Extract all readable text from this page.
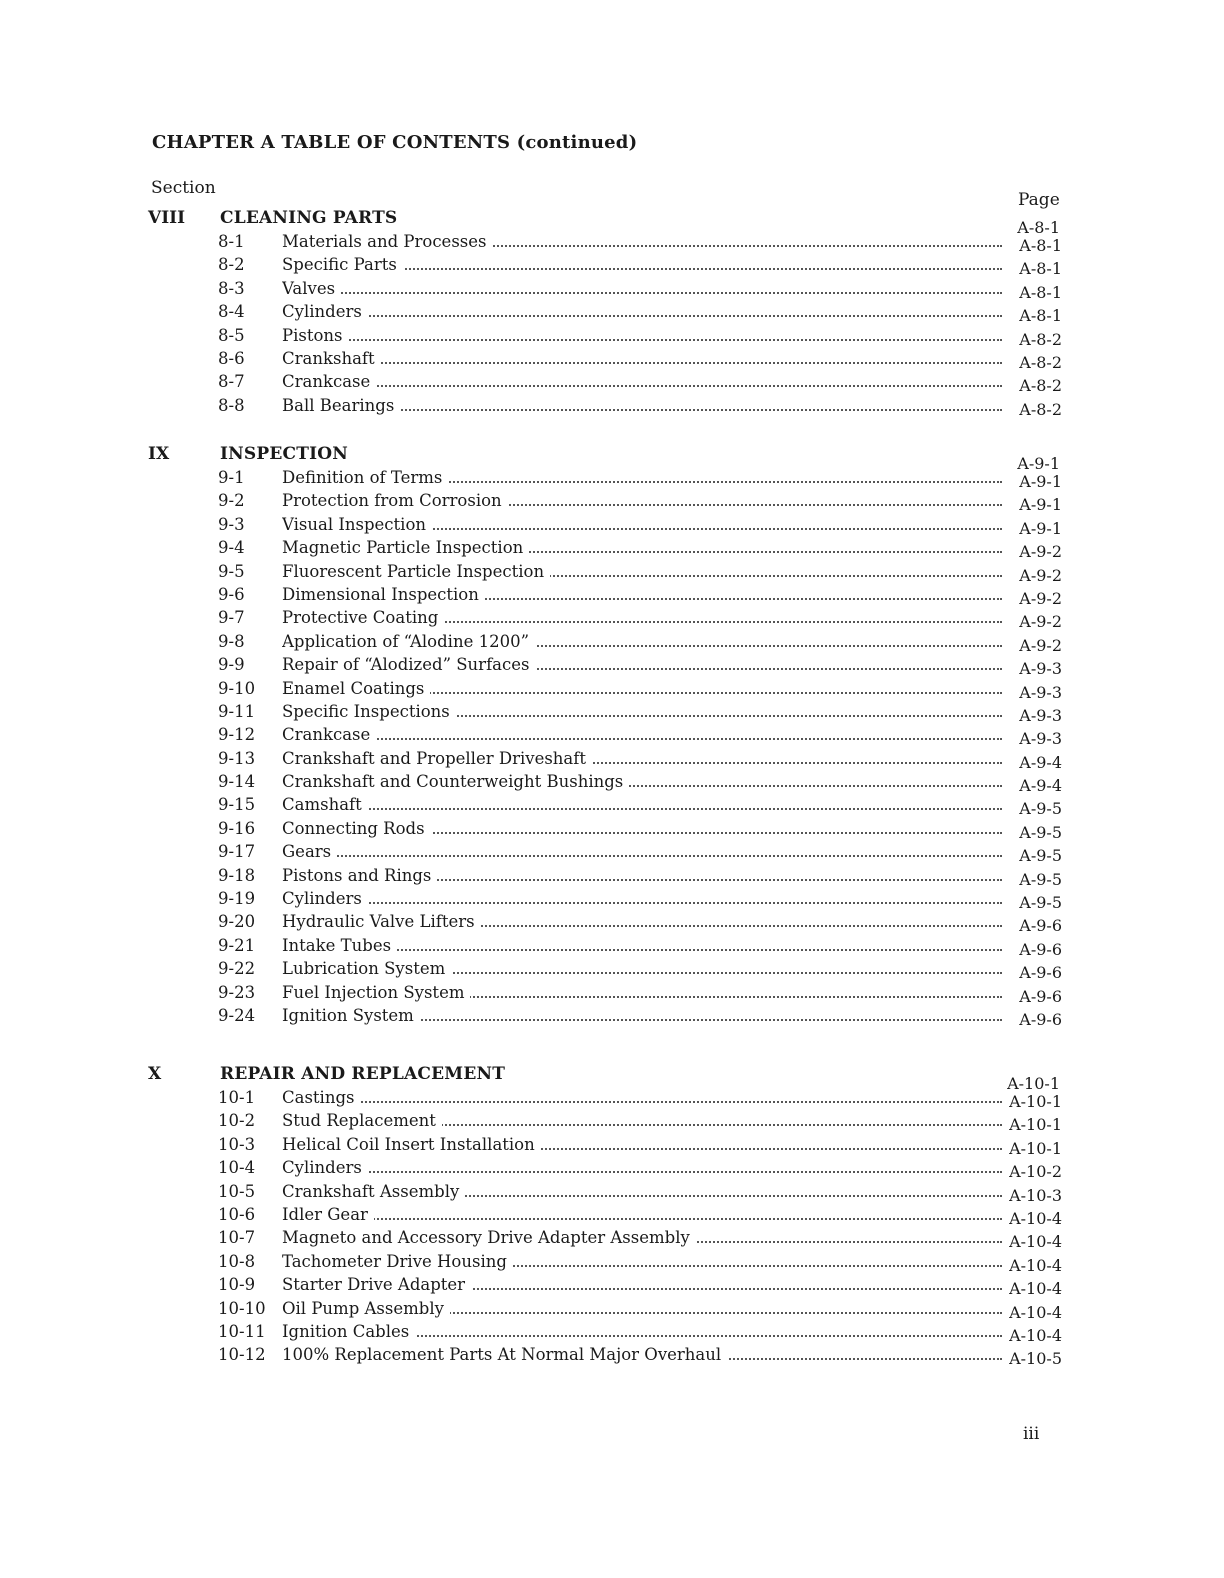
CHAPTER A TABLE OF CONTENTS (continued)
Section
Page
VIII CLEANING PARTS	A-8-1
8-1 Materials and Processes	A-8-1
8-2 Specific Parts	A-8-1
8-3 Valves	A-8-1
8-4 Cylinders	A-8-1
8-5 Pistons	A-8-2
8-6 Crankshaft	A-8-2
8-7 Crankcase	A-8-2
8-8 Ball Bearings	A-8-2
IX	INSPECTION	A-9-1
9-1 Definition of Terms	A-9-1
9-2 Protection from Corrosion	A-9-1
9-3 Visual Inspection	A-9-1
9-4 Magnetic Particle Inspection	A-9-2
9-5 Fluorescent Particle Inspection	A-9-2
9-6 Dimensional Inspection	A-9-2
9-7 Protective Coating	A-9-2
9-8 Application of “Alodine 1200”	A-9-2
9-9 Repair of “Alodized” Surfaces	A-9-3
9-10 Enamel Coatings	A-9-3
9-11 Specific Inspections	A-9-3
9-12 Crankcase	A-9-3
9-13 Crankshaft and Propeller Driveshaft	A-9-4
9-14 Crankshaft and Counterweight Bushings	A-9-4
9-15 Camshaft	A-9-5
9-16 Connecting Rods	A-9-5
9-17 Gears	A-9-5
9-18 Pistons and Rings	A-9-5
9-19 Cylinders	A-9-5
9-20 Hydraulic Valve Lifters	A-9-6
9-21 Intake Tubes	A-9-6
9-22 Lubrication System	A-9-6
9-23 Fuel Injection System	A-9-6
9-24 Ignition System	A-9-6
X	REPAIR AND REPLACEMENT	A-10-1
10-1 Castings	A-10-1
10-2 Stud Replacement	A-10-1
10-3 Helical Coil Insert Installation	A-10-1
10-4 Cylinders	A-10-2
10-5 Crankshaft Assembly	A-10-3
10-6 Idler Gear	A-10-4
10-7 Magneto and Accessory Drive Adapter Assembly	A-10-4
10-8 Tachometer Drive Housing	A-10-4
10-9 Starter Drive Adapter	A-10-4
10-10 Oil Pump Assembly	A-10-4
10-11 Ignition Cables	A-10-4
10-12 100% Replacement Parts At Normal Major Overhaul	A-10-5
iii
